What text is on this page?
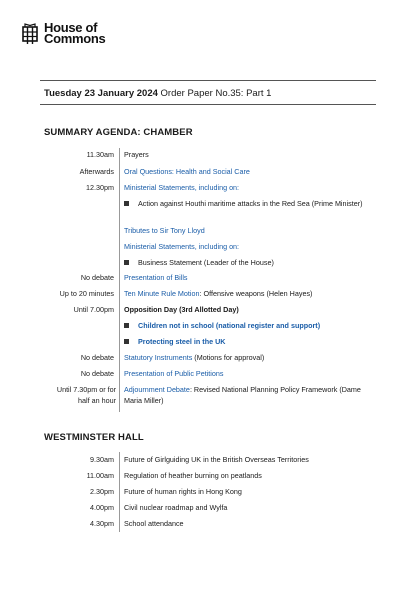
House of
Commons
Tuesday 23 January 2024 Order Paper No.35: Part 1
SUMMARY AGENDA: CHAMBER
11.30am Prayers
Afterwards Oral Questions: Health and Social Care
12.30pm Ministerial Statements, including on:
Action against Houthi maritime attacks in the Red Sea (Prime Minister)
Tributes to Sir Tony Lloyd
Ministerial Statements, including on:
Business Statement (Leader of the House)
No debate Presentation of Bills
Up to 20 minutes Ten Minute Rule Motion: Offensive weapons (Helen Hayes)
Until 7.00pm Opposition Day (3rd Allotted Day)
Children not in school (national register and support)
Protecting steel in the UK
No debate Statutory Instruments (Motions for approval)
No debate Presentation of Public Petitions
Until 7.30pm or for half an hour
Adjournment Debate: Revised National Planning Policy Framework (Dame Maria Miller)
WESTMINSTER HALL
9.30am Future of Girlguiding UK in the British Overseas Territories
11.00am Regulation of heather burning on peatlands
2.30pm Future of human rights in Hong Kong
4.00pm Civil nuclear roadmap and Wylfa
4.30pm School attendance
